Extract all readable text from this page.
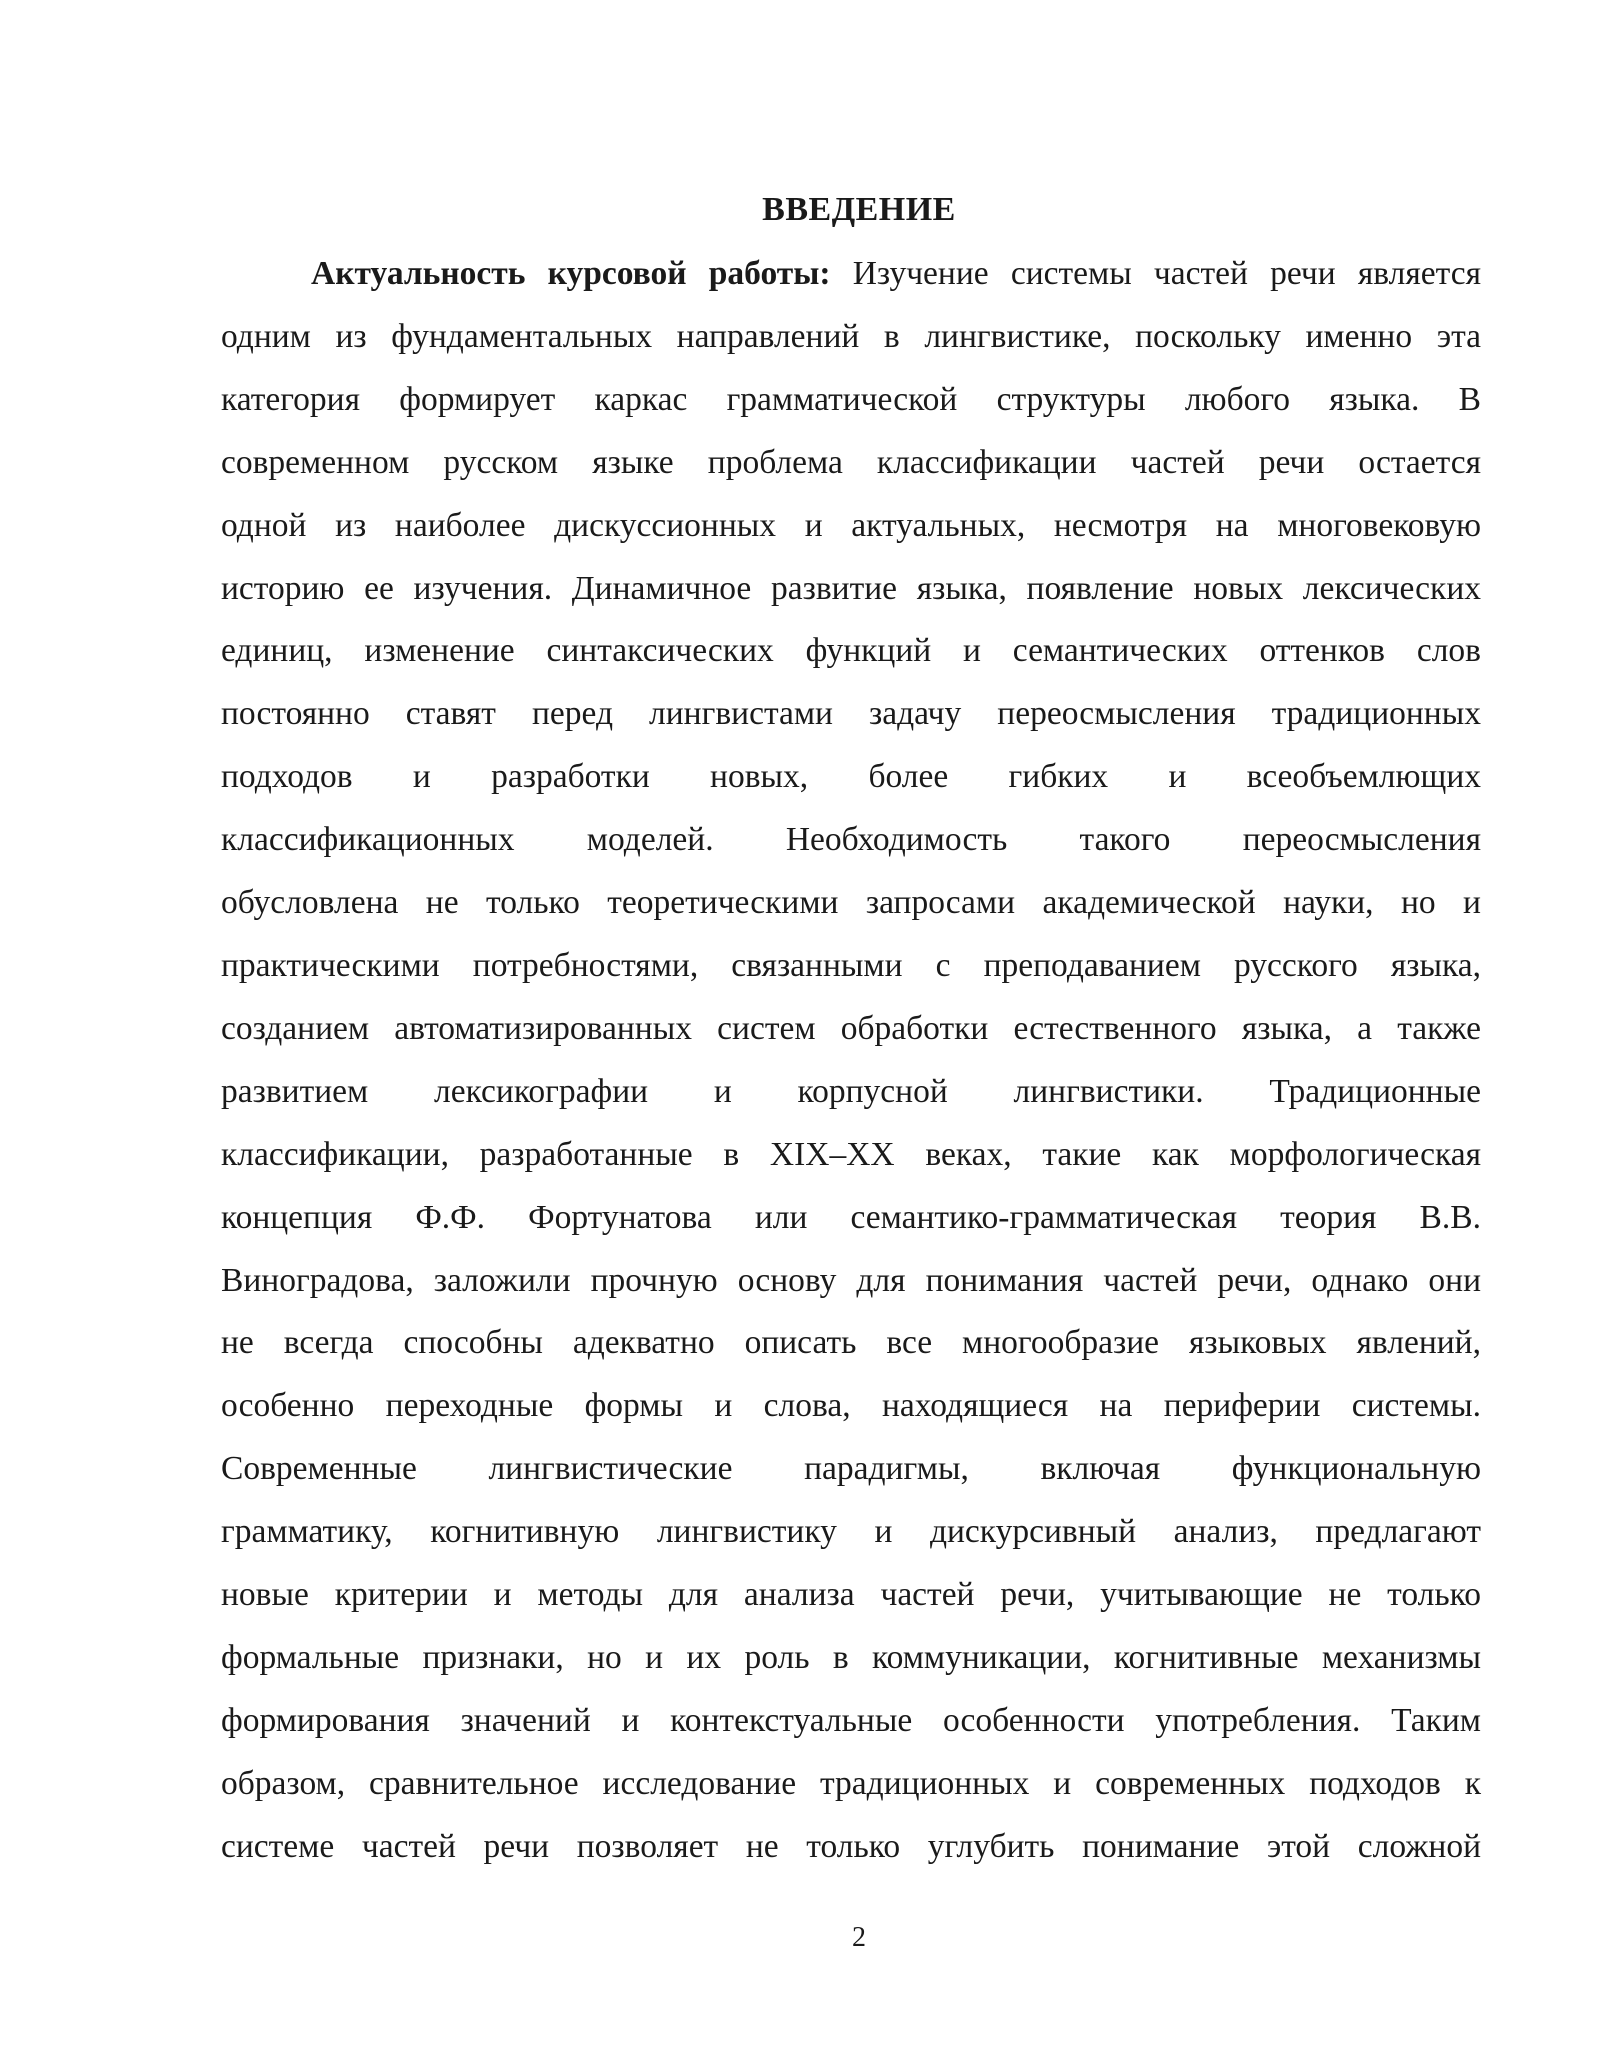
ВВЕДЕНИЕ
Актуальность курсовой работы: Изучение системы частей речи является
одним из фундаментальных направлений в лингвистике, поскольку именно эта
категория формирует каркас грамматической структуры любого языка. В
современном русском языке проблема классификации частей речи остается
одной из наиболее дискуссионных и актуальных, несмотря на многовековую
историю ее изучения. Динамичное развитие языка, появление новых лексических
единиц, изменение синтаксических функций и семантических оттенков слов
постоянно ставят перед лингвистами задачу переосмысления традиционных
подходов и разработки новых, более гибких и всеобъемлющих
классификационных моделей. Необходимость такого переосмысления
обусловлена не только теоретическими запросами академической науки, но и
практическими потребностями, связанными с преподаванием русского языка,
созданием автоматизированных систем обработки естественного языка, а также
развитием лексикографии и корпусной лингвистики. Традиционные
классификации, разработанные в XIX–XX веках, такие как морфологическая
концепция Ф.Ф. Фортунатова или семантико-грамматическая теория В.В.
Виноградова, заложили прочную основу для понимания частей речи, однако они
не всегда способны адекватно описать все многообразие языковых явлений,
особенно переходные формы и слова, находящиеся на периферии системы.
Современные лингвистические парадигмы, включая функциональную
грамматику, когнитивную лингвистику и дискурсивный анализ, предлагают
новые критерии и методы для анализа частей речи, учитывающие не только
формальные признаки, но и их роль в коммуникации, когнитивные механизмы
формирования значений и контекстуальные особенности употребления. Таким
образом, сравнительное исследование традиционных и современных подходов к
системе частей речи позволяет не только углубить понимание этой сложной
2
